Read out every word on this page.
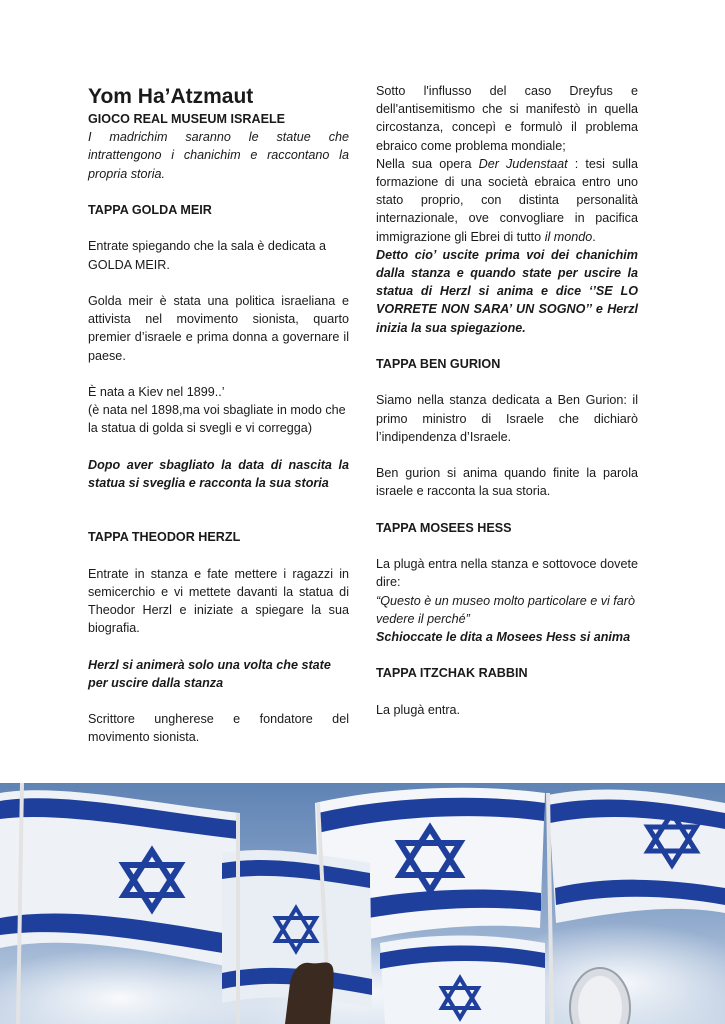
Yom Ha’Atzmaut

GIOCO REAL MUSEUM ISRAELE

I madrichim saranno le statue che intrattengono i chanichim e raccontano la propria storia.

TAPPA GOLDA MEIR

Entrate spiegando che la sala è dedicata a GOLDA MEIR.

Golda meir è stata una politica israeliana e attivista nel movimento sionista, quarto premier d’israele e prima donna a governare il paese.

È nata a Kiev nel 1899..’

(è nata nel 1898,ma voi sbagliate in modo che la statua di golda si svegli e vi corregga)

Dopo aver sbagliato la data di nascita la statua si sveglia e racconta la sua storia

TAPPA THEODOR HERZL

Entrate in stanza e fate mettere i ragazzi in semicerchio e vi mettete davanti la statua di Theodor Herzl e iniziate a spiegare la sua biografia.

Herzl si animerà solo una volta che state per uscire dalla stanza

Scrittore ungherese e fondatore del movimento sionista.

Sotto l'influsso del caso Dreyfus e dell'antisemitismo che si manifestò in quella circostanza, concepì e formulò il problema ebraico come problema mondiale;

Nella sua opera Der Judenstaat : tesi sulla formazione di una società ebraica entro uno stato proprio, con distinta personalità internazionale, ove convogliare in pacifica immigrazione gli Ebrei di tutto il mondo.

Detto cio’ uscite prima voi dei chanichim dalla stanza e quando state per uscire la statua di Herzl si anima e dice ‘’SE LO VORRETE NON SARA’ UN SOGNO’’ e Herzl inizia la sua spiegazione.

TAPPA BEN GURION

Siamo nella stanza dedicata a Ben Gurion: il primo ministro di Israele che dichiarò l’indipendenza d’Israele.

Ben gurion si anima quando finite la parola israele e racconta la sua storia.

TAPPA MOSEES HESS

La plugà entra nella stanza e sottovoce dovete dire:

“Questo è un museo molto particolare e vi farò vedere il perché”

Schioccate le dita a Mosees Hess si anima

TAPPA ITZCHAK RABBIN

La plugà entra.
